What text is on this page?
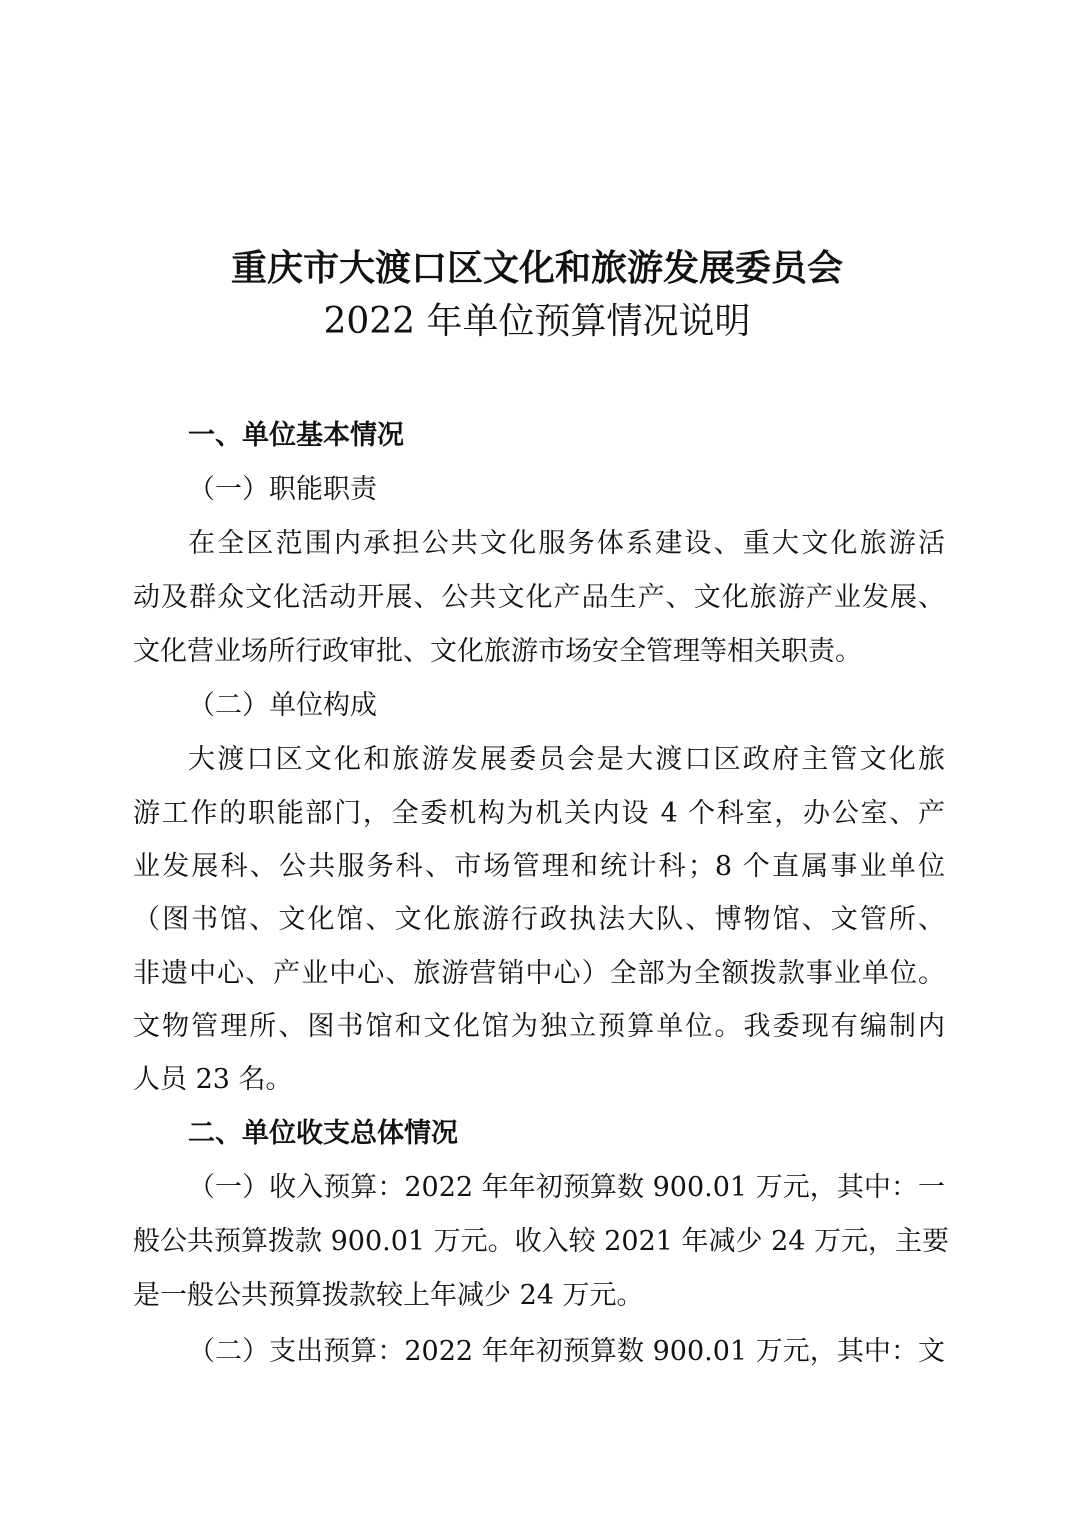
重庆市大渡口区文化和旅游发展委员会
2022 年单位预算情况说明
一、单位基本情况
（一）职能职责
在全区范围内承担公共文化服务体系建设、重大文化旅游活
动及群众文化活动开展、公共文化产品生产、文化旅游产业发展、
文化营业场所行政审批、文化旅游市场安全管理等相关职责。
（二）单位构成
大渡口区文化和旅游发展委员会是大渡口区政府主管文化旅
游工作的职能部门，全委机构为机关内设 4 个科室，办公室、产
业发展科、公共服务科、市场管理和统计科；8 个直属事业单位
（图书馆、文化馆、文化旅游行政执法大队、博物馆、文管所、
非遗中心、产业中心、旅游营销中心）全部为全额拨款事业单位。
文物管理所、图书馆和文化馆为独立预算单位。我委现有编制内
人员 23 名。
二、单位收支总体情况
（一）收入预算：2022 年年初预算数 900.01 万元，其中：一
般公共预算拨款 900.01 万元。收入较 2021 年减少 24 万元，主要
是一般公共预算拨款较上年减少 24 万元。
（二）支出预算：2022 年年初预算数 900.01 万元，其中：文
